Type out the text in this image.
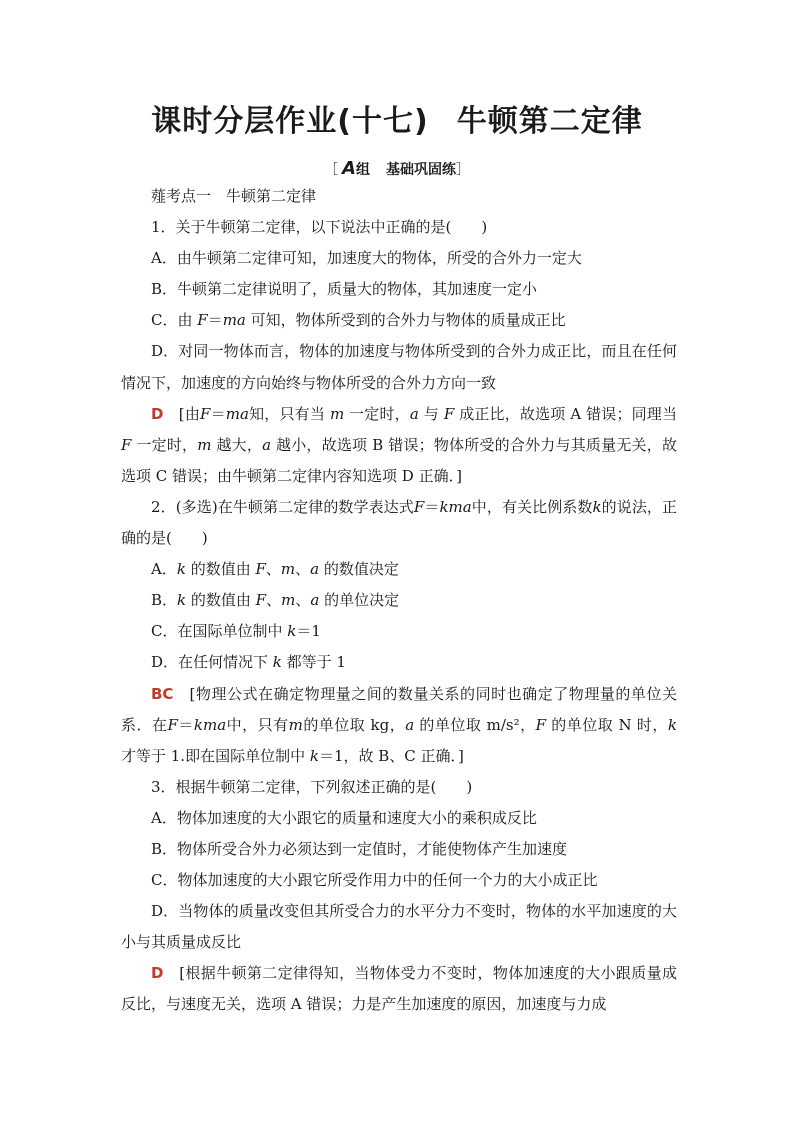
课时分层作业(十七) 牛顿第二定律
［ A组 基础巩固练］

薤考点一　牛顿第二定律

1．关于牛顿第二定律，以下说法中正确的是(　　)

A．由牛顿第二定律可知，加速度大的物体，所受的合外力一定大

B．牛顿第二定律说明了，质量大的物体，其加速度一定小

C．由 F＝ma 可知，物体所受到的合外力与物体的质量成正比

D．对同一物体而言，物体的加速度与物体所受到的合外力成正比，而且在任何情况下，加速度的方向始终与物体所受的合外力方向一致

D　[由F＝ma知，只有当 m 一定时，a 与 F 成正比，故选项 A 错误；同理当F 一定时，m 越大，a 越小，故选项 B 错误；物体所受的合外力与其质量无关，故选项 C 错误；由牛顿第二定律内容知选项 D 正确．]

2．(多选)在牛顿第二定律的数学表达式F＝kma中，有关比例系数k的说法，正确的是(　　)

A．k 的数值由 F、m、a 的数值决定

B．k 的数值由 F、m、a 的单位决定

C．在国际单位制中 k＝1

D．在任何情况下 k 都等于 1

BC　[物理公式在确定物理量之间的数量关系的同时也确定了物理量的单位关系．在F＝kma中，只有m的单位取 kg，a 的单位取 m/s²，F 的单位取 N 时，k 才等于 1.即在国际单位制中 k＝1，故 B、C 正确．]

3．根据牛顿第二定律，下列叙述正确的是(　　)

A．物体加速度的大小跟它的质量和速度大小的乘积成反比

B．物体所受合外力必须达到一定值时，才能使物体产生加速度

C．物体加速度的大小跟它所受作用力中的任何一个力的大小成正比

D．当物体的质量改变但其所受合力的水平分力不变时，物体的水平加速度的大小与其质量成反比

D　[根据牛顿第二定律得知，当物体受力不变时，物体加速度的大小跟质量成反比，与速度无关，选项 A 错误；力是产生加速度的原因，加速度与力成
